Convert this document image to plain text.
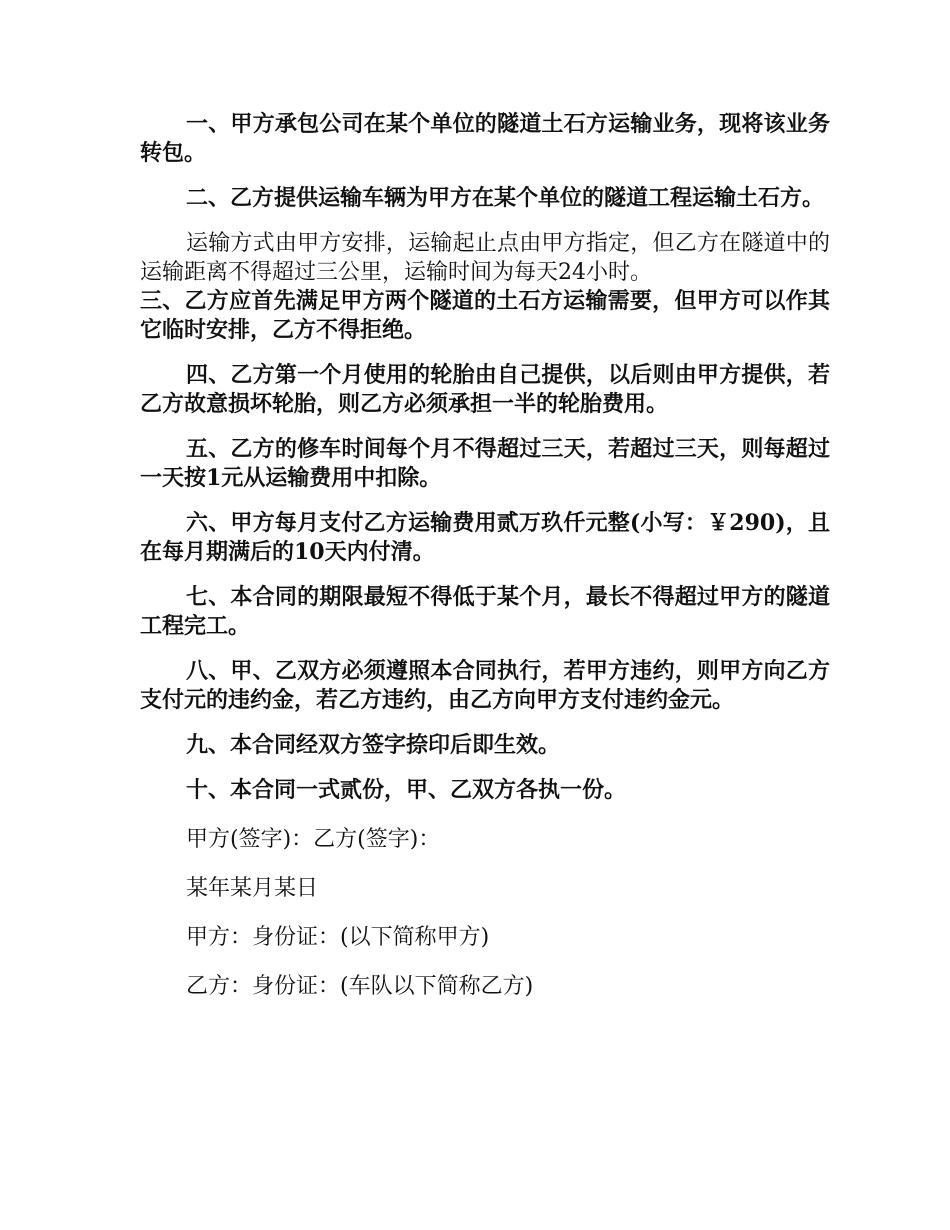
一、甲方承包公司在某个单位的隧道土石方运输业务，现将该业务转包。

二、乙方提供运输车辆为甲方在某个单位的隧道工程运输土石方。

运输方式由甲方安排，运输起止点由甲方指定，但乙方在隧道中的运输距离不得超过三公里，运输时间为每天24小时。

三、乙方应首先满足甲方两个隧道的土石方运输需要，但甲方可以作其它临时安排，乙方不得拒绝。

四、乙方第一个月使用的轮胎由自己提供，以后则由甲方提供，若乙方故意损坏轮胎，则乙方必须承担一半的轮胎费用。

五、乙方的修车时间每个月不得超过三天，若超过三天，则每超过一天按1元从运输费用中扣除。

六、甲方每月支付乙方运输费用贰万玖仟元整(小写：￥290)，且在每月期满后的10天内付清。

七、本合同的期限最短不得低于某个月，最长不得超过甲方的隧道工程完工。

八、甲、乙双方必须遵照本合同执行，若甲方违约，则甲方向乙方支付元的违约金，若乙方违约，由乙方向甲方支付违约金元。

九、本合同经双方签字捺印后即生效。

十、本合同一式贰份，甲、乙双方各执一份。

甲方(签字)：乙方(签字)：

某年某月某日

甲方：身份证：(以下简称甲方)

乙方：身份证：(车队以下简称乙方)
